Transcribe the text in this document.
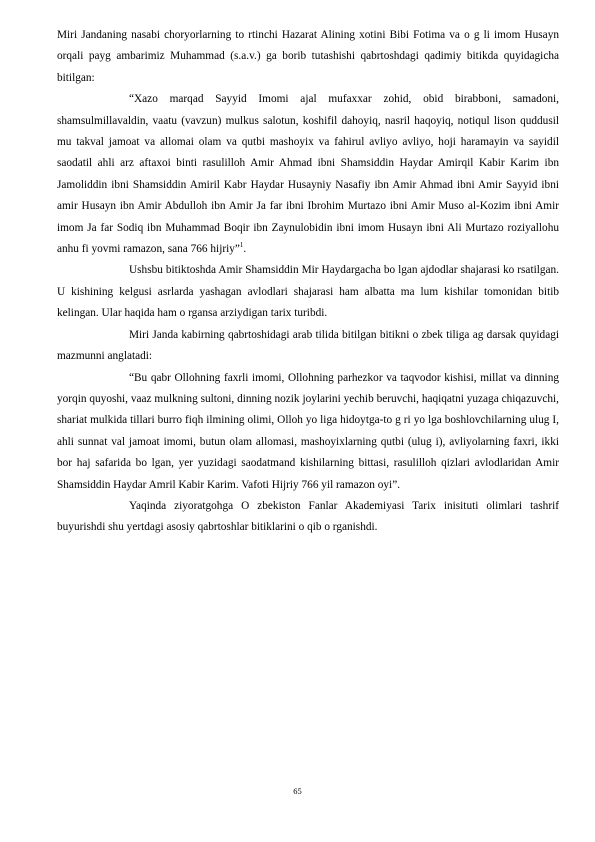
Miri Jandaning nasabi choryorlarning to rtinchi Hazarat Alining xotini Bibi Fotima va o g li imom Husayn orqali payg ambarimiz Muhammad (s.a.v.) ga borib tutashishi qabrtoshdagi qadimiy bitikda quyidagicha bitilgan:

“Xazo marqad Sayyid Imomi ajal mufaxxar zohid, obid birabboni, samadoni, shamsulmillavaldin, vaatu (vavzun) mulkus salotun, koshifil dahoyiq, nasril haqoyiq, notiqul lison quddusil mu takval jamoat va allomai olam va qutbi mashoyix va fahirul avliyo avliyo, hoji haramayin va sayidil saodatil ahli arz aftaxoi binti rasulilloh Amir Ahmad ibni Shamsiddin Haydar Amirqil Kabir Karim ibn Jamoliddin ibni Shamsiddin Amiril Kabr Haydar Husayniy Nasafiy ibn Amir Ahmad ibni Amir Sayyid ibni amir Husayn ibn Amir Abdulloh ibn Amir Ja far ibni Ibrohim Murtazo ibni Amir Muso al-Kozim ibni Amir imom Ja far Sodiq ibn Muhammad Boqir ibn Zaynulobidin ibni imom Husayn ibni Ali Murtazo roziyallohu anhu fi yovmi ramazon, sana 766 hijriy”$^1$.

Ushsbu bitiktoshda Amir Shamsiddin Mir Haydargacha bo lgan ajdodlar shajarasi ko rsatilgan. U kishining kelgusi asrlarda yashagan avlodlari shajarasi ham albatta ma lum kishilar tomonidan bitib kelingan. Ular haqida ham o rgansa arziydigan tarix turibdi.

Miri Janda kabirning qabrtoshidagi arab tilida bitilgan bitikni o zbek tiliga ag darsak quyidagi mazmunni anglatadi:

“Bu qabr Ollohning faxrli imomi, Ollohning parhezkor va taqvodor kishisi, millat va dinning yorqin quyoshi, vaaz mulkning sultoni, dinning nozik joylarini yechib beruvchi, haqiqatni yuzaga chiqazuvchi, shariat mulkida tillari burro fiqh ilmining olimi, Olloh yo liga hidoytga-to g ri yo lga boshlovchilarning ulug I, ahli sunnat val jamoat imomi, butun olam allomasi, mashoyixlarning qutbi (ulug i), avliyolarning faxri, ikki bor haj safarida bo lgan, yer yuzidagi saodatmand kishilarning bittasi, rasulilloh qizlari avlodlaridan Amir Shamsiddin Haydar Amril Kabir Karim. Vafoti Hijriy 766 yil ramazon oyi”.

Yaqinda ziyoratgohga O zbekiston Fanlar Akademiyasi Tarix inisituti olimlari tashrif buyurishdi shu yertdagi asosiy qabrtoshlar bitiklarini o qib o rganishdi.

65
